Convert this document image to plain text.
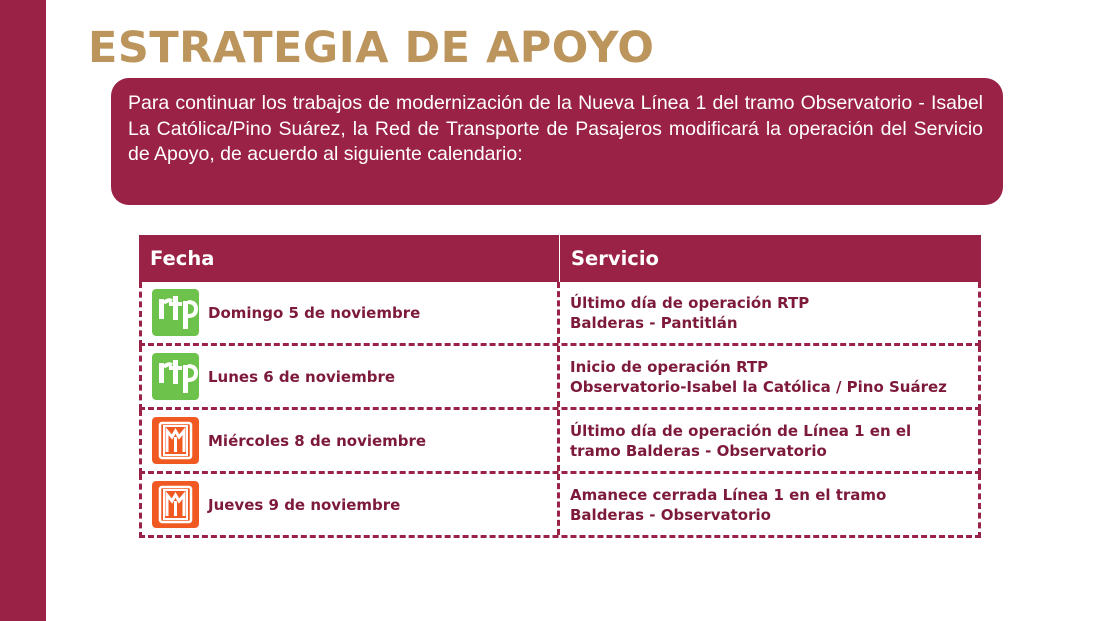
ESTRATEGIA DE APOYO
Para continuar los trabajos de modernización de la Nueva Línea 1 del tramo Observatorio - Isabel La Católica/Pino Suárez, la Red de Transporte de Pasajeros modificará la operación del Servicio de Apoyo, de acuerdo al siguiente calendario:
Fecha	Servicio
Domingo 5 de noviembre
Último día de operación RTP
Balderas - Pantitlán
Lunes 6 de noviembre
Inicio de operación RTP
Observatorio-Isabel la Católica / Pino Suárez
Miércoles 8 de noviembre
Último día de operación de Línea 1 en el
tramo Balderas - Observatorio
Jueves 9 de noviembre
Amanece cerrada Línea 1 en el tramo
Balderas - Observatorio
